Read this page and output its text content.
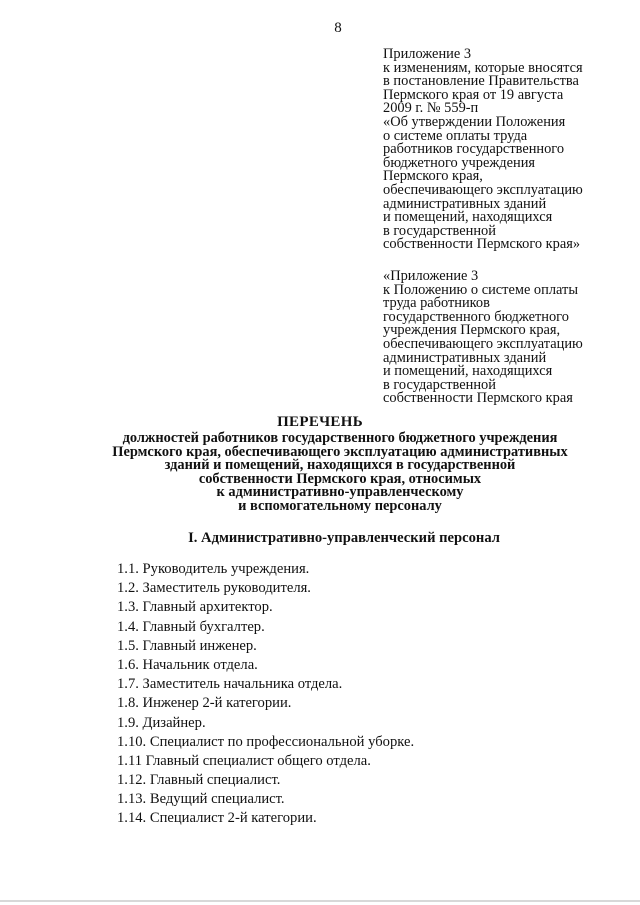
8
Приложение 3
к изменениям, которые вносятся
в постановление Правительства
Пермского края от 19 августа
2009 г. № 559-п
«Об утверждении Положения
о системе оплаты труда
работников государственного
бюджетного учреждения
Пермского края,
обеспечивающего эксплуатацию
административных зданий
и помещений, находящихся
в государственной
собственности Пермского края»
«Приложение 3
к Положению о системе оплаты
труда работников
государственного бюджетного
учреждения Пермского края,
обеспечивающего эксплуатацию
административных зданий
и помещений, находящихся
в государственной
собственности Пермского края
ПЕРЕЧЕНЬ
должностей работников государственного бюджетного учреждения
Пермского края, обеспечивающего эксплуатацию административных
зданий и помещений, находящихся в государственной
собственности Пермского края, относимых
к административно-управленческому
и вспомогательному персоналу
I. Административно-управленческий персонал
1.1. Руководитель учреждения.
1.2. Заместитель руководителя.
1.3. Главный архитектор.
1.4. Главный бухгалтер.
1.5. Главный инженер.
1.6. Начальник отдела.
1.7. Заместитель начальника отдела.
1.8. Инженер 2-й категории.
1.9. Дизайнер.
1.10. Специалист по профессиональной уборке.
1.11 Главный специалист общего отдела.
1.12. Главный специалист.
1.13. Ведущий специалист.
1.14. Специалист 2-й категории.
